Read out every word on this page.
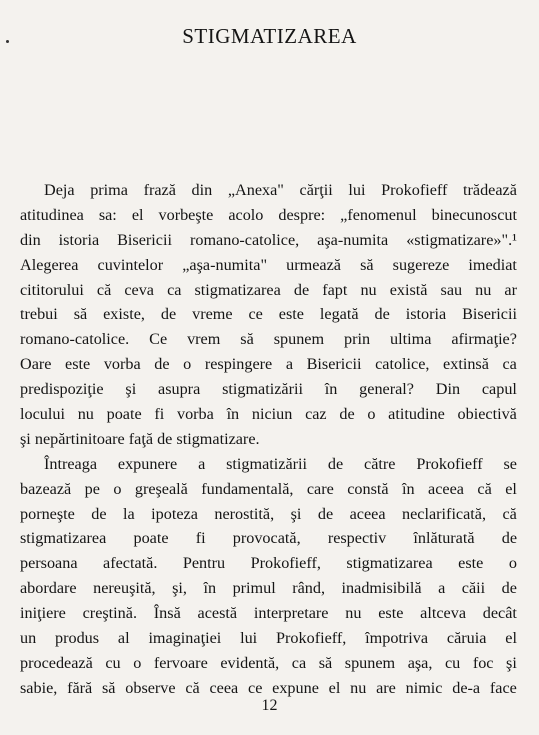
STIGMATIZAREA
Deja prima frază din „Anexa" cărţii lui Prokofieff trădează
atitudinea sa: el vorbeşte acolo despre: „fenomenul binecunoscut
din istoria Bisericii romano-catolice, aşa-numita «stigmatizare»".¹
Alegerea cuvintelor „aşa-numita" urmează să sugereze imediat
cititorului că ceva ca stigmatizarea de fapt nu există sau nu ar
trebui să existe, de vreme ce este legată de istoria Bisericii
romano-catolice. Ce vrem să spunem prin ultima afirmaţie?
Oare este vorba de o respingere a Bisericii catolice, extinsă ca
predispoziţie şi asupra stigmatizării în general? Din capul
locului nu poate fi vorba în niciun caz de o atitudine obiectivă
şi nepărtinitoare faţă de stigmatizare.
Întreaga expunere a stigmatizării de către Prokofieff se
bazează pe o greşeală fundamentală, care constă în aceea că el
porneşte de la ipoteza nerostită, şi de aceea neclarificată, că
stigmatizarea poate fi provocată, respectiv înlăturată de
persoana afectată. Pentru Prokofieff, stigmatizarea este o
abordare nereuşită, şi, în primul rând, inadmisibilă a căii de
iniţiere creştină. Însă acestă interpretare nu este altceva decât
un produs al imaginaţiei lui Prokofieff, împotriva căruia el
procedează cu o fervoare evidentă, ca să spunem aşa, cu foc şi
sabie, fără să observe că ceea ce expune el nu are nimic de-a face
12
